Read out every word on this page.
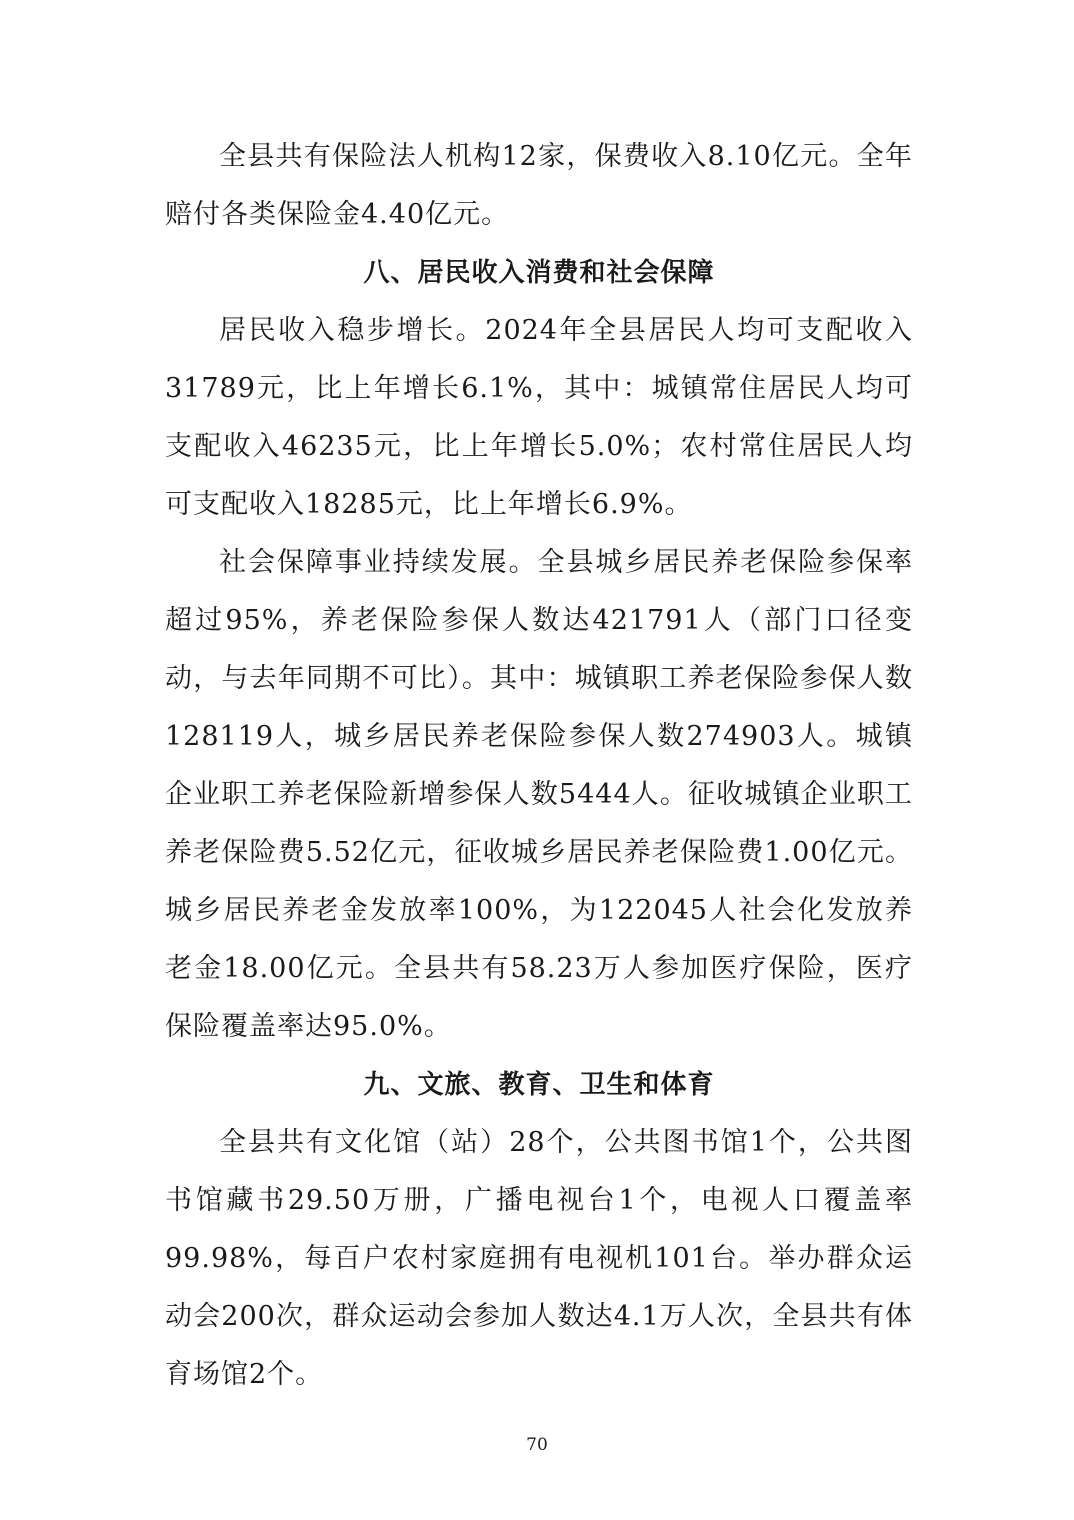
全县共有保险法人机构12家，保费收入8.10亿元。全年赔付各类保险金4.40亿元。

八、居民收入消费和社会保障

居民收入稳步增长。2024年全县居民人均可支配收入31789元，比上年增长6.1%，其中：城镇常住居民人均可支配收入46235元，比上年增长5.0%；农村常住居民人均可支配收入18285元，比上年增长6.9%。

社会保障事业持续发展。全县城乡居民养老保险参保率超过95%，养老保险参保人数达421791人（部门口径变动，与去年同期不可比）。其中：城镇职工养老保险参保人数128119人，城乡居民养老保险参保人数274903人。城镇企业职工养老保险新增参保人数5444人。征收城镇企业职工养老保险费5.52亿元，征收城乡居民养老保险费1.00亿元。城乡居民养老金发放率100%，为122045人社会化发放养老金18.00亿元。全县共有58.23万人参加医疗保险，医疗保险覆盖率达95.0%。

九、文旅、教育、卫生和体育

全县共有文化馆（站）28个，公共图书馆1个，公共图书馆藏书29.50万册，广播电视台1个，电视人口覆盖率99.98%，每百户农村家庭拥有电视机101台。举办群众运动会200次，群众运动会参加人数达4.1万人次，全县共有体育场馆2个。

70
